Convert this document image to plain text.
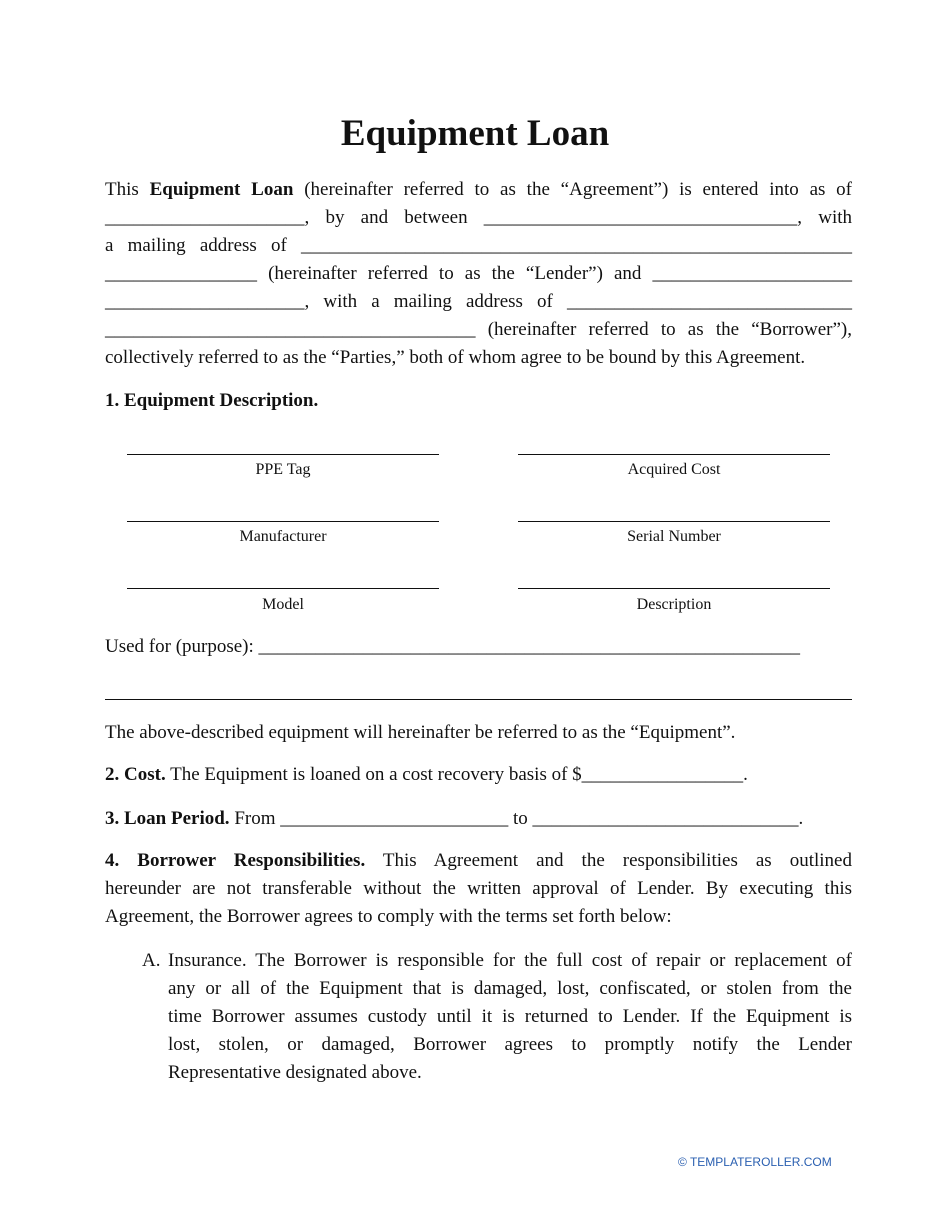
Equipment Loan
This Equipment Loan (hereinafter referred to as the “Agreement”) is entered into as of
_____________________, by and between _________________________________, with
a mailing address of __________________________________________________________
________________ (hereinafter referred to as the “Lender”) and _____________________
_____________________, with a mailing address of ______________________________
_______________________________________ (hereinafter referred to as the “Borrower”),
collectively referred to as the “Parties,” both of whom agree to be bound by this Agreement.
1. Equipment Description.
PPE Tag	Acquired Cost
Manufacturer	Serial Number
Model	Description
Used for (purpose): _________________________________________________________
The above-described equipment will hereinafter be referred to as the “Equipment”.
2. Cost. The Equipment is loaned on a cost recovery basis of $_________________.
3. Loan Period. From ________________________ to ____________________________.
4. Borrower Responsibilities. This Agreement and the responsibilities as outlined
hereunder are not transferable without the written approval of Lender. By executing this
Agreement, the Borrower agrees to comply with the terms set forth below:
A. Insurance. The Borrower is responsible for the full cost of repair or replacement of
any or all of the Equipment that is damaged, lost, confiscated, or stolen from the
time Borrower assumes custody until it is returned to Lender. If the Equipment is
lost, stolen, or damaged, Borrower agrees to promptly notify the Lender
Representative designated above.
© TEMPLATEROLLER.COM
